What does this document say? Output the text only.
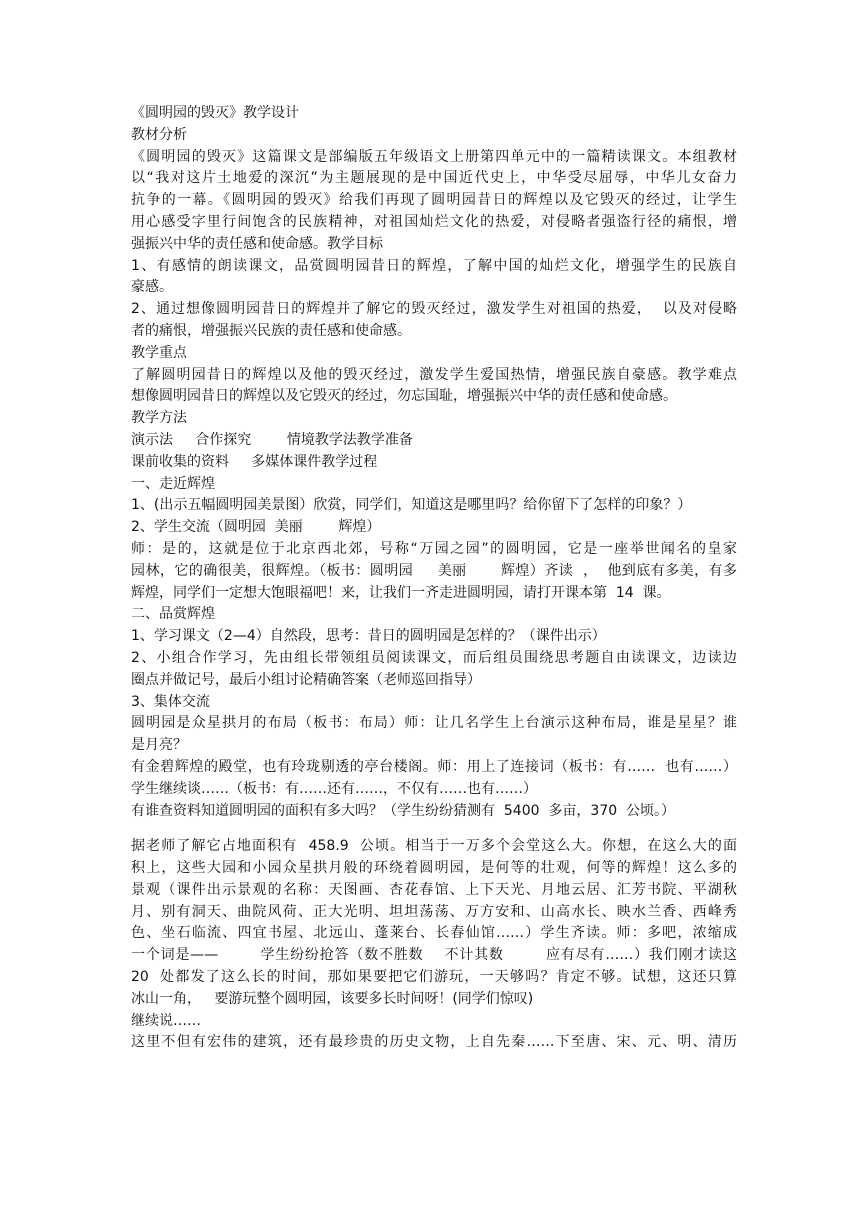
《圆明园的毁灭》教学设计
教材分析
《圆明园的毁灭》这篇课文是部编版五年级语文上册第四单元中的一篇精读课文。本组教材
以“我对这片土地爱的深沉”为主题展现的是中国近代史上，中华受尽屈辱，中华儿女奋力
抗争的一幕。《圆明园的毁灭》给我们再现了圆明园昔日的辉煌以及它毁灭的经过，让学生
用心感受字里行间饱含的民族精神，对祖国灿烂文化的热爱，对侵略者强盗行径的痛恨，增
强振兴中华的责任感和使命感。教学目标
1、有感情的朗读课文，品赏圆明园昔日的辉煌，了解中国的灿烂文化，增强学生的民族自
豪感。
2、通过想像圆明园昔日的辉煌并了解它的毁灭经过，激发学生对祖国的热爱，  以及对侵略
者的痛恨，增强振兴民族的责任感和使命感。
教学重点
了解圆明园昔日的辉煌以及他的毁灭经过，激发学生爱国热情，增强民族自豪感。教学难点
想像圆明园昔日的辉煌以及它毁灭的经过，勿忘国耻，增强振兴中华的责任感和使命感。
教学方法
演示法     合作探究        情境教学法教学准备
课前收集的资料     多媒体课件教学过程
一、走近辉煌
1、(出示五幅圆明园美景图）欣赏，同学们，知道这是哪里吗？给你留下了怎样的印象？）
2、学生交流（圆明园  美丽        辉煌）
师：是的，这就是位于北京西北郊，号称“万园之园”的圆明园，它是一座举世闻名的皇家
园林，它的确很美，很辉煌。（板书：圆明园     美丽       辉煌）齐读  ，  他到底有多美，有多
辉煌，同学们一定想大饱眼福吧！来，让我们一齐走进圆明园，请打开课本第  14  课。
二、品赏辉煌
1、学习课文（2—4）自然段，思考：昔日的圆明园是怎样的？（课件出示）
2、小组合作学习，先由组长带领组员阅读课文，而后组员围绕思考题自由读课文，边读边
圈点并做记号，最后小组讨论精确答案（老师巡回指导）
3、集体交流
圆明园是众星拱月的布局（板书：布局）师：让几名学生上台演示这种布局，谁是星星？谁
是月亮？
有金碧辉煌的殿堂，也有玲珑剔透的亭台楼阁。师：用上了连接词（板书：有……  也有……）
学生继续谈……（板书：有……还有……，不仅有……也有……）
有谁查资料知道圆明园的面积有多大吗？（学生纷纷猜测有  5400  多亩，370  公顷。）
据老师了解它占地面积有  458.9  公顷。相当于一万多个会堂这么大。你想，在这么大的面
积上，这些大园和小园众星拱月般的环绕着圆明园，是何等的壮观，何等的辉煌！这么多的
景观（课件出示景观的名称：天图画、杏花春馆、上下天光、月地云居、汇芳书院、平湖秋
月、别有洞天、曲院风荷、正大光明、坦坦荡荡、万方安和、山高水长、映水兰香、西峰秀
色、坐石临流、四宜书屋、北远山、蓬莱台、长春仙馆……）学生齐读。师：多吧，浓缩成
一个词是——        学生纷纷抢答（数不胜数    不计其数        应有尽有……）我们刚才读这
20  处都发了这么长的时间，那如果要把它们游玩，一天够吗？肯定不够。试想，这还只算
冰山一角，   要游玩整个圆明园，该要多长时间呀！(同学们惊叹)
继续说……
这里不但有宏伟的建筑，还有最珍贵的历史文物，上自先秦……下至唐、宋、元、明、清历
